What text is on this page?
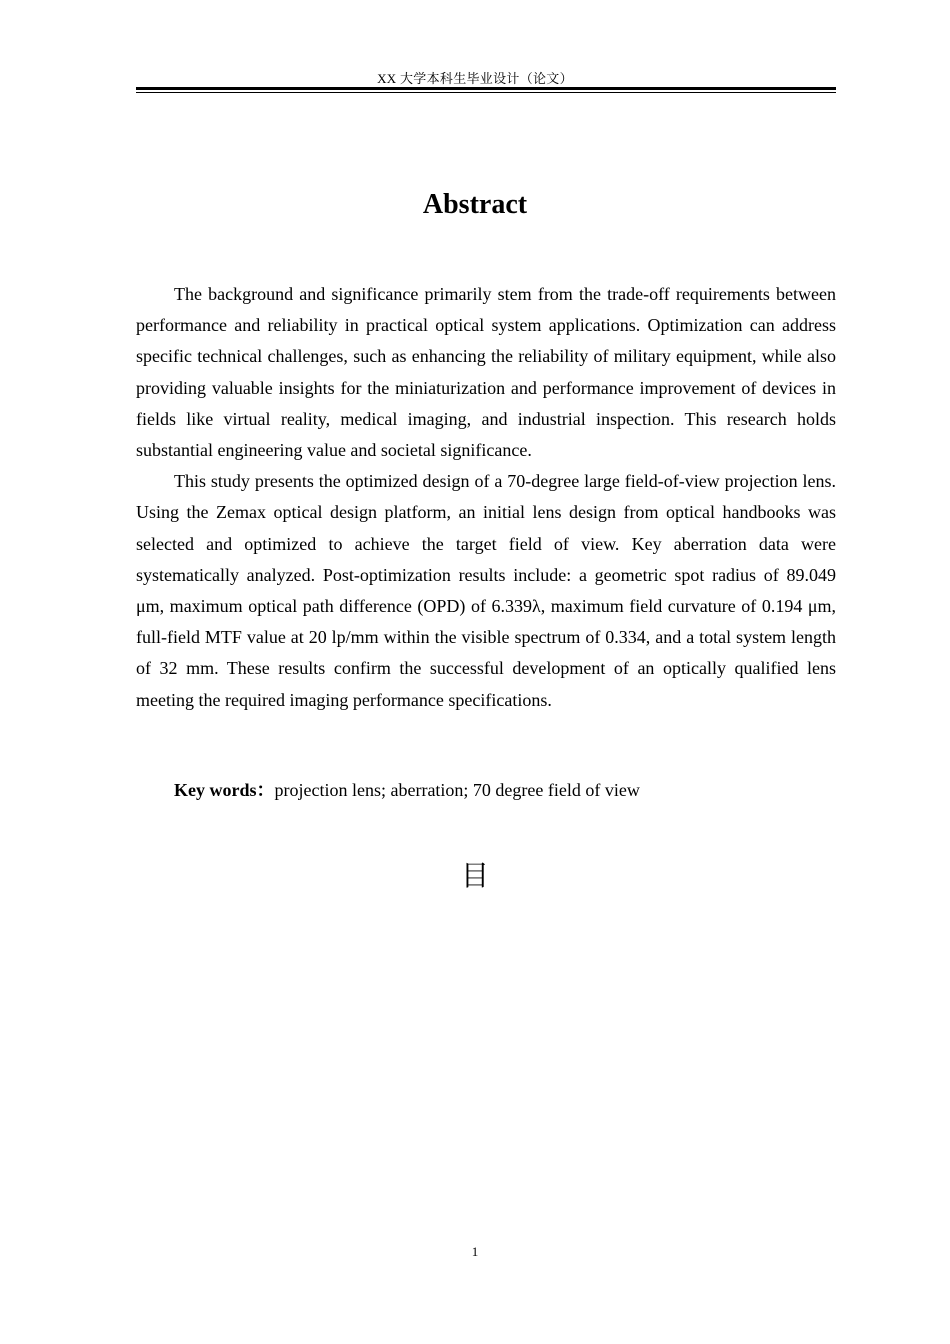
XX 大学本科生毕业设计（论文）
Abstract

The background and significance primarily stem from the trade-off requirements between performance and reliability in practical optical system applications. Optimization can address specific technical challenges, such as enhancing the reliability of military equipment, while also providing valuable insights for the miniaturization and performance improvement of devices in fields like virtual reality, medical imaging, and industrial inspection. This research holds substantial engineering value and societal significance.

This study presents the optimized design of a 70-degree large field-of-view projection lens. Using the Zemax optical design platform, an initial lens design from optical handbooks was selected and optimized to achieve the target field of view. Key aberration data were systematically analyzed. Post-optimization results include: a geometric spot radius of 89.049 μm, maximum optical path difference (OPD) of 6.339λ, maximum field curvature of 0.194 μm, full-field MTF value at 20 lp/mm within the visible spectrum of 0.334, and a total system length of 32 mm. These results confirm the successful development of an optically qualified lens meeting the required imaging performance specifications.

Key words：projection lens; aberration; 70 degree field of view
目
1
